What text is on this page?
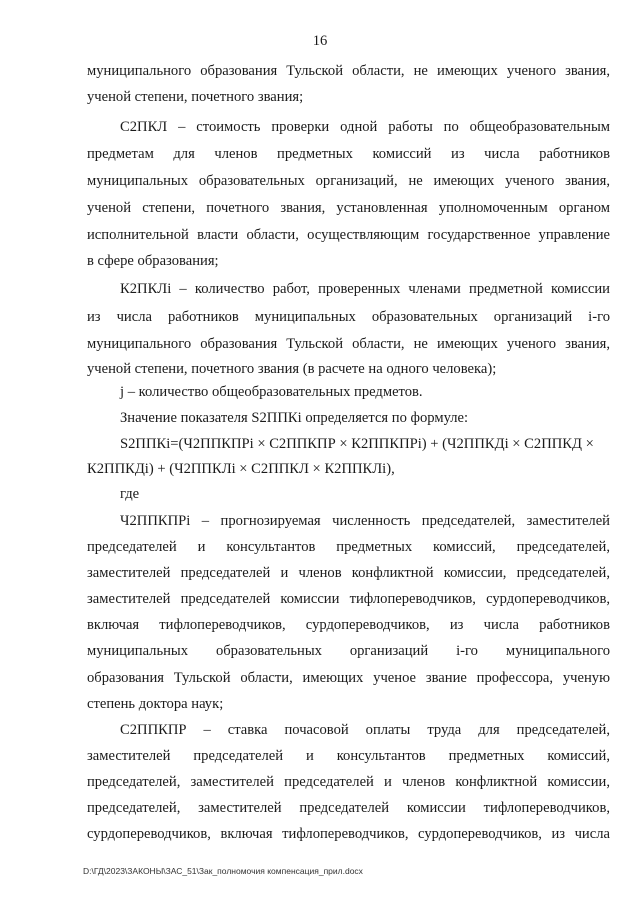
16
муниципального образования Тульской области, не имеющих ученого звания,
ученой степени, почетного звания;
С2ПКЛ – стоимость проверки одной работы по общеобразовательным
предметам для членов предметных комиссий из числа работников
муниципальных образовательных организаций, не имеющих ученого звания,
ученой степени, почетного звания, установленная уполномоченным органом
исполнительной власти области, осуществляющим государственное управление
в сфере образования;
К2ПКЛi – количество работ, проверенных членами предметной комиссии
из числа работников муниципальных образовательных организаций i-го
муниципального образования Тульской области, не имеющих ученого звания,
ученой степени, почетного звания (в расчете на одного человека);
j – количество общеобразовательных предметов.
Значение показателя S2ППКi определяется по формуле:
S2ППКi=(Ч2ППКПРi × С2ППКПР × К2ППКПРi) + (Ч2ППКДi × С2ППКД ×
К2ППКДi) + (Ч2ППКЛi × С2ППКЛ × К2ППКЛi),
где
Ч2ППКПРi – прогнозируемая численность председателей, заместителей
председателей и консультантов предметных комиссий, председателей,
заместителей председателей и членов конфликтной комиссии, председателей,
заместителей председателей комиссии тифлопереводчиков, сурдопереводчиков,
включая тифлопереводчиков, сурдопереводчиков, из числа работников
муниципальных образовательных организаций i-го муниципального
образования Тульской области, имеющих ученое звание профессора, ученую
степень доктора наук;
С2ППКПР – ставка почасовой оплаты труда для председателей,
заместителей председателей и консультантов предметных комиссий,
председателей, заместителей председателей и членов конфликтной комиссии,
председателей, заместителей председателей комиссии тифлопереводчиков,
сурдопереводчиков, включая тифлопереводчиков, сурдопереводчиков, из числа
D:\ГД\2023\ЗАКОНЫ\ЗАС_51\Зак_полномочия компенсация_прил.docx
